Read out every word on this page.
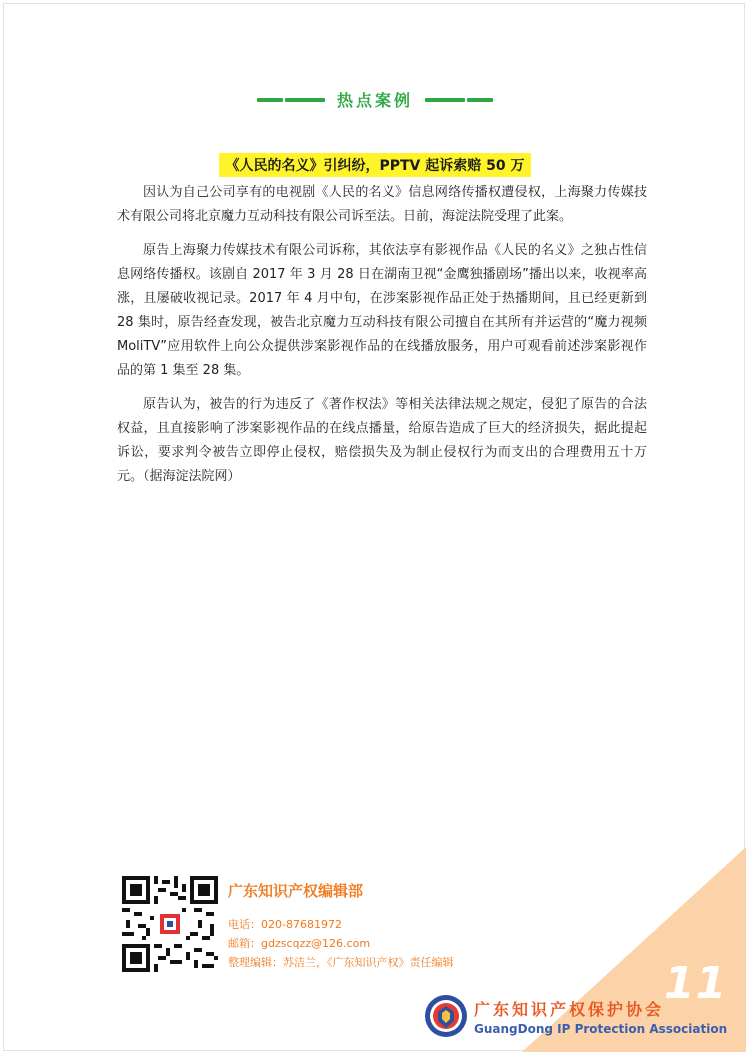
11
热点案例
《人民的名义》引纠纷，PPTV 起诉索赔 50 万

因认为自己公司享有的电视剧《人民的名义》信息网络传播权遭侵权，上海聚力传媒技术有限公司将北京魔力互动科技有限公司诉至法。日前，海淀法院受理了此案。

原告上海聚力传媒技术有限公司诉称，其依法享有影视作品《人民的名义》之独占性信息网络传播权。该剧自 2017 年 3 月 28 日在湖南卫视“金鹰独播剧场”播出以来，收视率高涨，且屡破收视记录。2017 年 4 月中旬，在涉案影视作品正处于热播期间，且已经更新到 28 集时，原告经查发现，被告北京魔力互动科技有限公司擅自在其所有并运营的“魔力视频 MoliTV”应用软件上向公众提供涉案影视作品的在线播放服务，用户可观看前述涉案影视作品的第 1 集至 28 集。

原告认为，被告的行为违反了《著作权法》等相关法律法规之规定，侵犯了原告的合法权益，且直接影响了涉案影视作品的在线点播量，给原告造成了巨大的经济损失，据此提起诉讼，要求判令被告立即停止侵权，赔偿损失及为制止侵权行为而支出的合理费用五十万元。（据海淀法院网）

广东知识产权编辑部
电话：020-87681972
邮箱：gdzscqzz@126.com
整理编辑：苏洁兰，《广东知识产权》责任编辑
广东知识产权保护协会
GuangDong IP Protection Association
